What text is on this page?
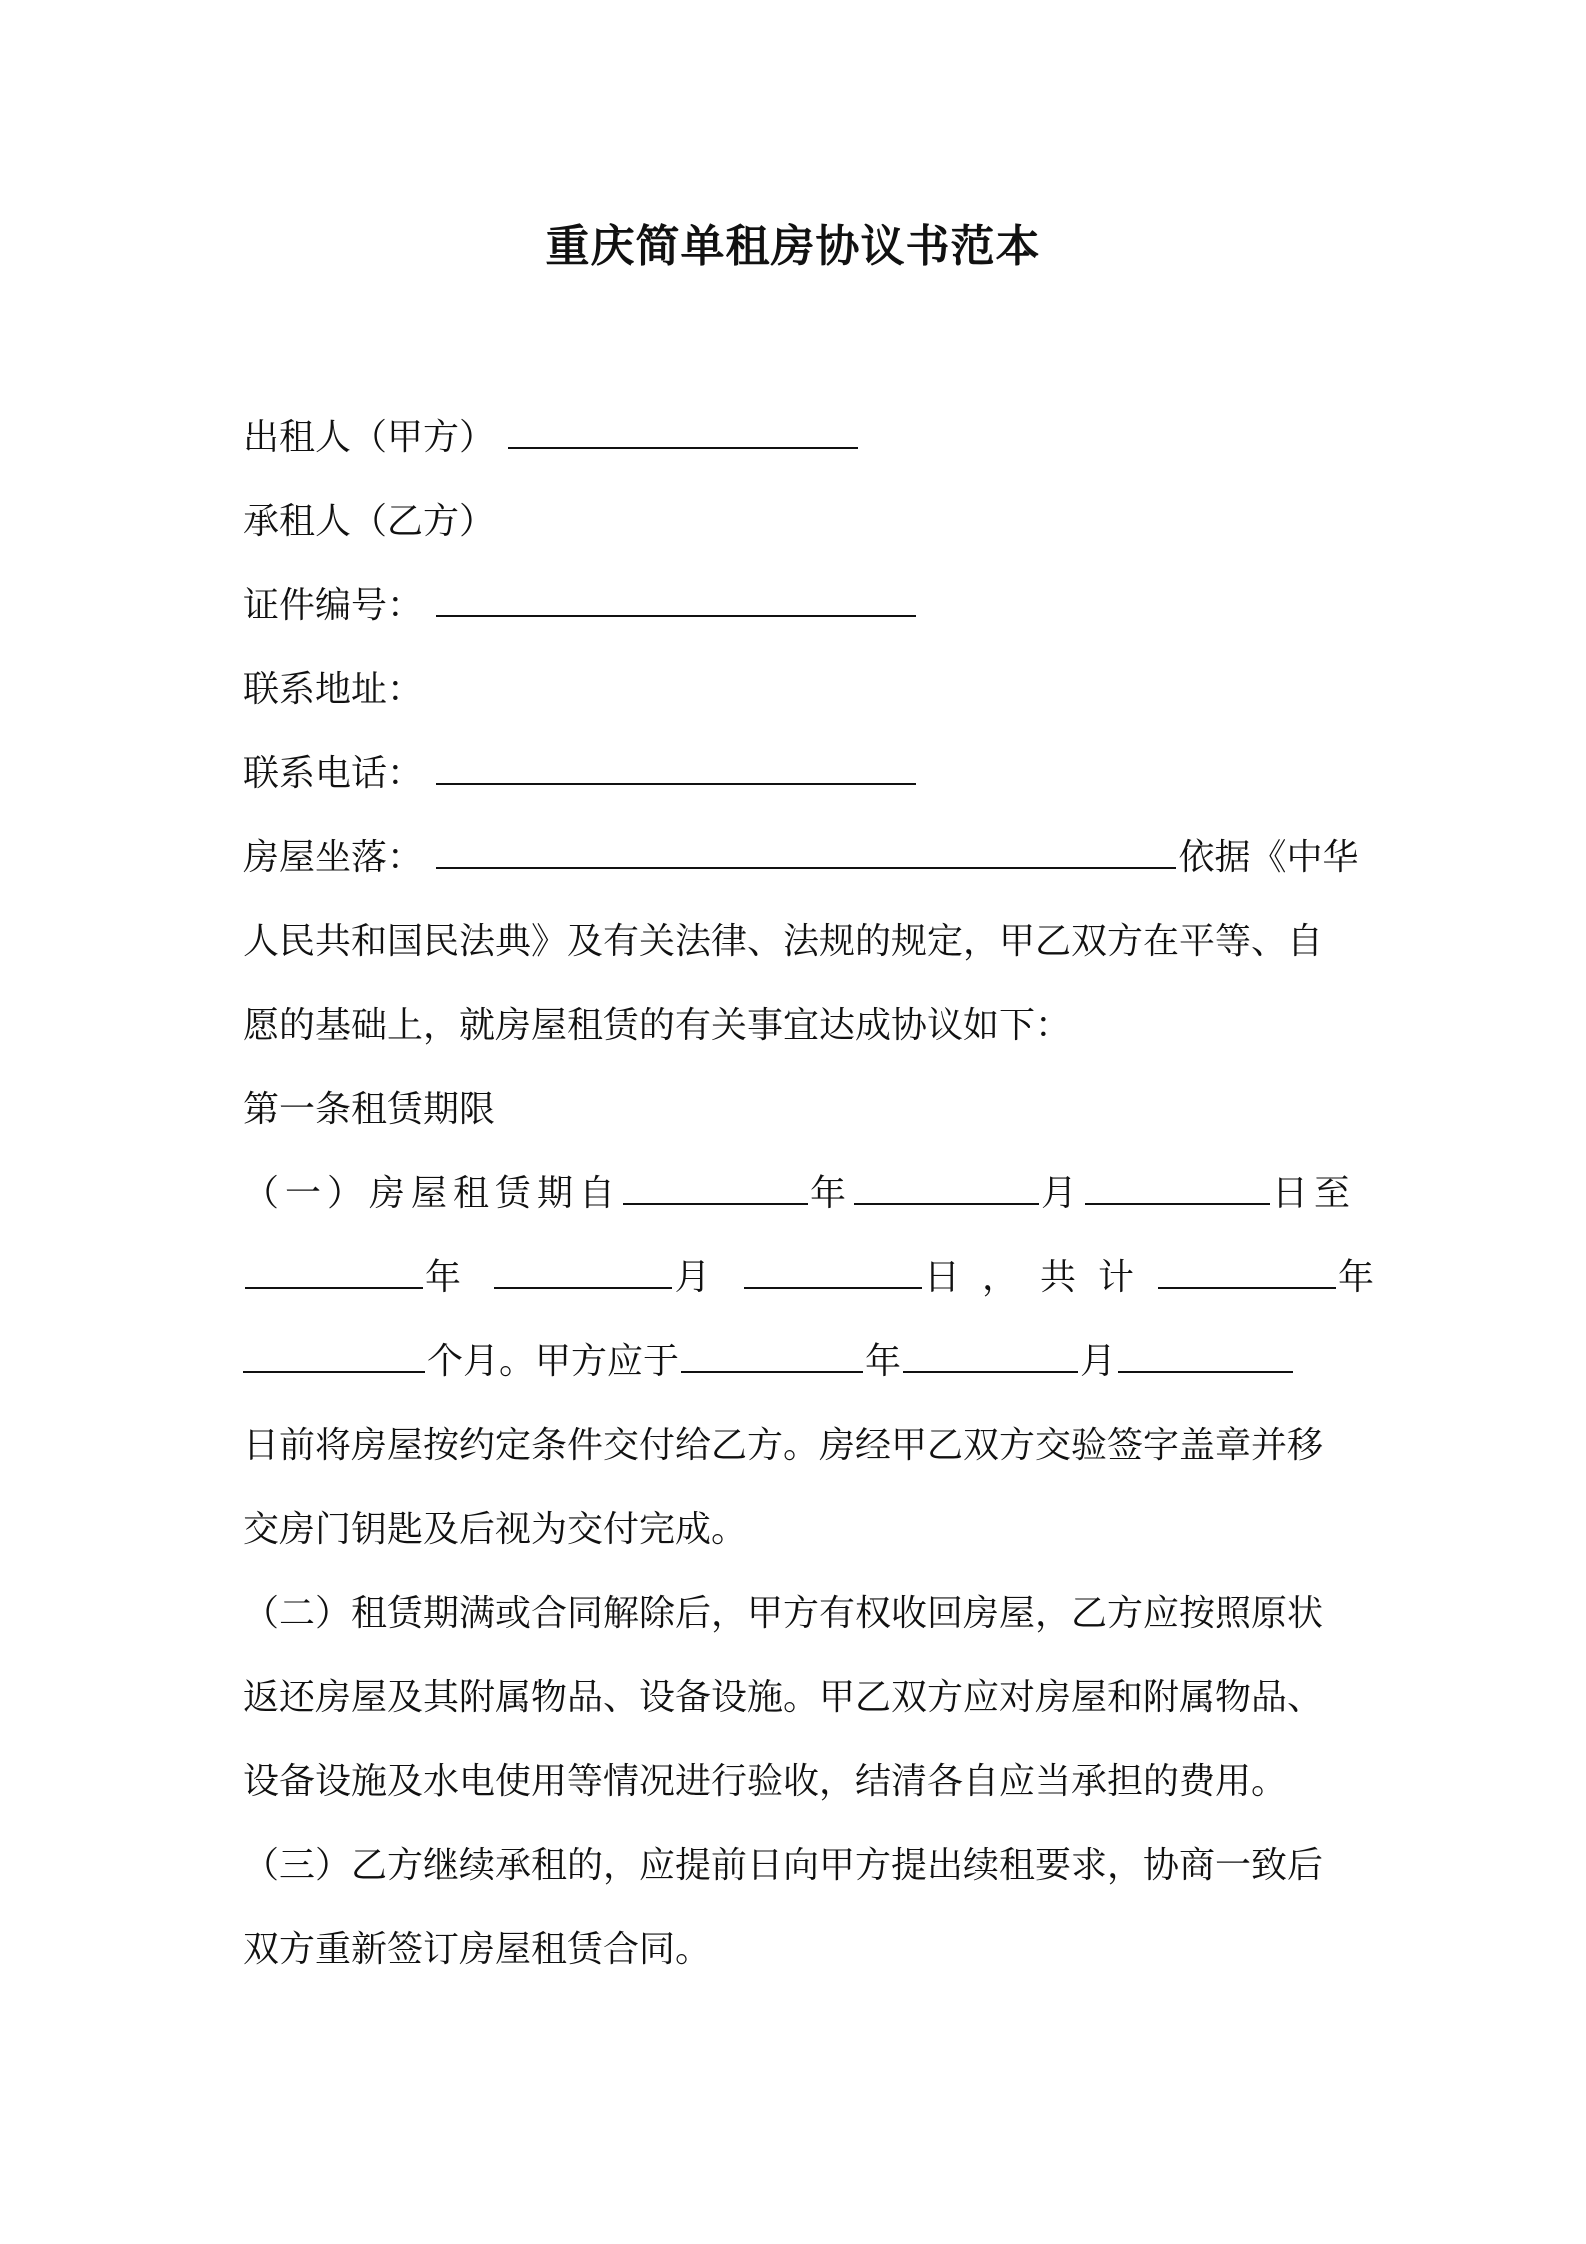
重庆简单租房协议书范本
出租人（甲方）
承租人（乙方）
证件编号：
联系地址：
联系电话：
房屋坐落：	依据《中华

人民共和国民法典》及有关法律、法规的规定，甲乙双方在平等、自

愿的基础上，就房屋租赁的有关事宜达成协议如下：

第一条租赁期限

（一）房屋租赁期自	年	月	日至
年	月	日，共计	年
个月。甲方应于	年	月

日前将房屋按约定条件交付给乙方。房经甲乙双方交验签字盖章并移

交房门钥匙及后视为交付完成。

（二）租赁期满或合同解除后，甲方有权收回房屋，乙方应按照原状

返还房屋及其附属物品、设备设施。甲乙双方应对房屋和附属物品、

设备设施及水电使用等情况进行验收，结清各自应当承担的费用。

（三）乙方继续承租的，应提前日向甲方提出续租要求，协商一致后

双方重新签订房屋租赁合同。
